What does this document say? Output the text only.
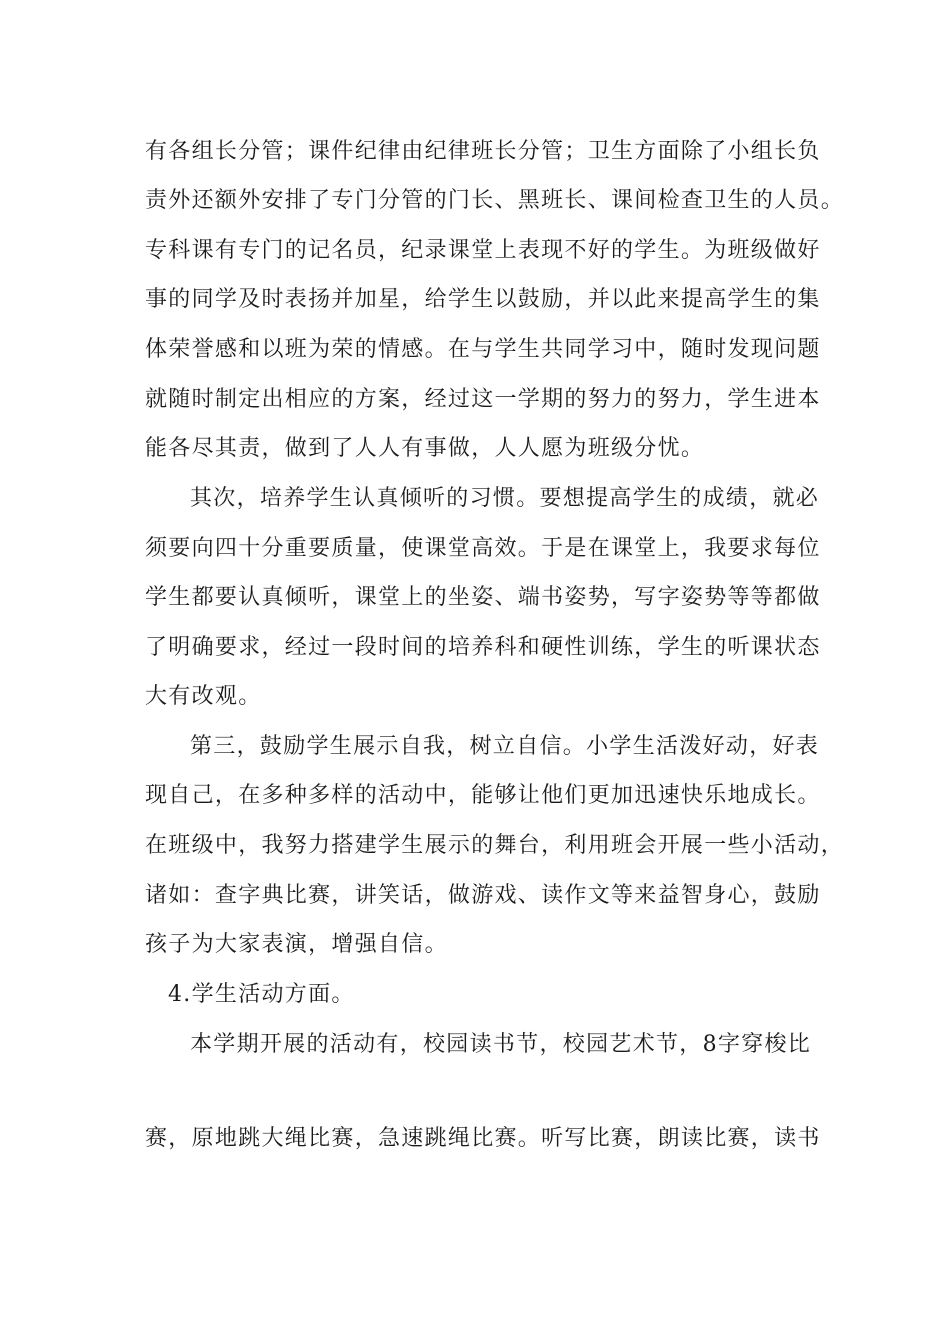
有各组长分管；课件纪律由纪律班长分管；卫生方面除了小组长负
责外还额外安排了专门分管的门长、黑班长、课间检查卫生的人员。
专科课有专门的记名员，纪录课堂上表现不好的学生。为班级做好
事的同学及时表扬并加星，给学生以鼓励，并以此来提高学生的集
体荣誉感和以班为荣的情感。在与学生共同学习中，随时发现问题
就随时制定出相应的方案，经过这一学期的努力的努力，学生进本
能各尽其责，做到了人人有事做，人人愿为班级分忧。
其次，培养学生认真倾听的习惯。要想提高学生的成绩，就必
须要向四十分重要质量，使课堂高效。于是在课堂上，我要求每位
学生都要认真倾听，课堂上的坐姿、端书姿势，写字姿势等等都做
了明确要求，经过一段时间的培养科和硬性训练，学生的听课状态
大有改观。
第三，鼓励学生展示自我，树立自信。小学生活泼好动，好表
现自己，在多种多样的活动中，能够让他们更加迅速快乐地成长。
在班级中，我努力搭建学生展示的舞台，利用班会开展一些小活动，
诸如：查字典比赛，讲笑话，做游戏、读作文等来益智身心，鼓励
孩子为大家表演，增强自信。
4.学生活动方面。
本学期开展的活动有，校园读书节，校园艺术节，8字穿梭比
赛，原地跳大绳比赛，急速跳绳比赛。听写比赛，朗读比赛，读书
